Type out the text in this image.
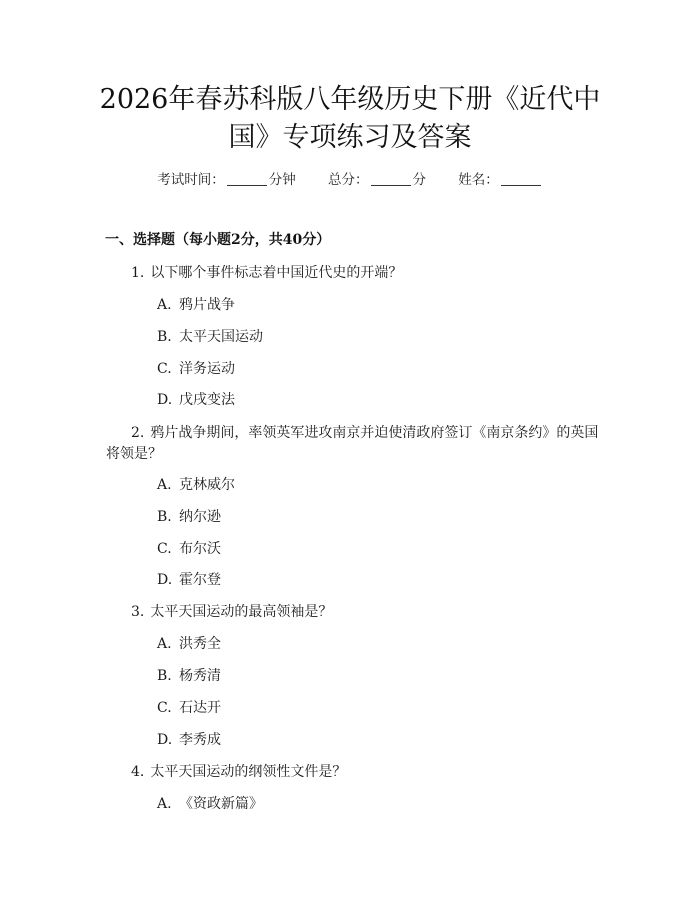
2026年春苏科版八年级历史下册《近代中
国》专项练习及答案
考试时间：	分钟 总分：	分 姓名：
一、选择题（每小题2分，共40分）
1. 以下哪个事件标志着中国近代史的开端？
A. 鸦片战争
B. 太平天国运动
C. 洋务运动
D. 戊戌变法
2. 鸦片战争期间，率领英军进攻南京并迫使清政府签订《南京条约》的英国
将领是？
A. 克林威尔
B. 纳尔逊
C. 布尔沃
D. 霍尔登
3. 太平天国运动的最高领袖是？
A. 洪秀全
B. 杨秀清
C. 石达开
D. 李秀成
4. 太平天国运动的纲领性文件是？
A. 《资政新篇》
